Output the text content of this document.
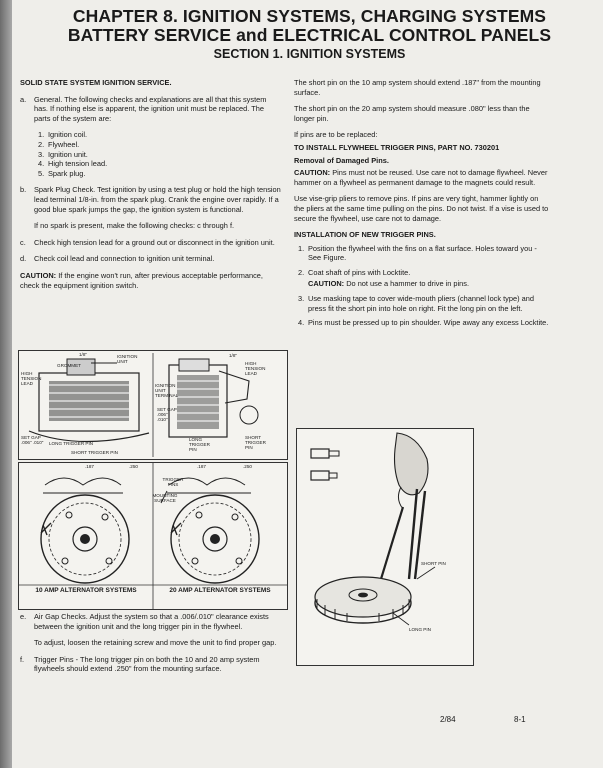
CHAPTER 8. IGNITION SYSTEMS, CHARGING SYSTEMS
BATTERY SERVICE and ELECTRICAL CONTROL PANELS
SECTION 1. IGNITION SYSTEMS

SOLID STATE SYSTEM IGNITION SERVICE.

a. General. The following checks and explanations are all that this system has. If nothing else is apparent, the ignition unit must be replaced. The parts of the system are:

1. Ignition coil.

2. Flywheel.

3. Ignition unit.

4. High tension lead.

5. Spark plug.

b. Spark Plug Check. Test ignition by using a test plug or hold the high tension lead terminal 1/8-in. from the spark plug. Crank the engine over rapidly. If a good blue spark jumps the gap, the ignition system is functional.

If no spark is present, make the following checks: c through f.

c. Check high tension lead for a ground out or disconnect in the ignition unit.
d. Check coil lead and connection to ignition unit terminal.

CAUTION: If the engine won't run, after previous acceptable performance, check the equipment ignition switch.

1/8"	IGNITION UNIT
GROMMET
HIGH TENSION LEAD
SET GAP .006" .010"	LONG TRIGGER PIN
SHORT TRIGGER PIN
1/8"
HIGH TENSION LEAD
IGNITION UNIT TERMINAL
SET GAP .006" .010"
LONG TRIGGER PIN
SHORT TRIGGER PIN
.187	.250	.187	.250
TRIGGER PINS
MOUNTING SURFACE
10 AMP ALTERNATOR SYSTEMS	20 AMP ALTERNATOR SYSTEMS
e. Air Gap Checks. Adjust the system so that a .006/.010" clearance exists between the ignition unit and the long trigger pin in the flywheel.

To adjust, loosen the retaining screw and move the unit to find proper gap.

f. Trigger Pins - The long trigger pin on both the 10 and 20 amp system flywheels should extend .250" from the mounting surface.

The short pin on the 10 amp system should extend .187" from the mounting surface.

The short pin on the 20 amp system should measure .080" less than the longer pin.

If pins are to be replaced:

TO INSTALL FLYWHEEL TRIGGER PINS, PART NO. 730201

Removal of Damaged Pins.

CAUTION: Pins must not be reused. Use care not to damage flywheel. Never hammer on a flywheel as permanent damage to the magnets could result.

Use vise-grip pliers to remove pins. If pins are very tight, hammer lightly on the pliers at the same time pulling on the pins. Do not twist. If a vise is used to secure the flywheel, use care not to damage.

INSTALLATION OF NEW TRIGGER PINS.

1. Position the flywheel with the fins on a flat surface. Holes toward you - See Figure.

2. Coat shaft of pins with Locktite.

CAUTION: Do not use a hammer to drive in pins.

3. Use masking tape to cover wide-mouth pliers (channel lock type) and press fit the short pin into hole on right. Fit the long pin on the left.

4. Pins must be pressed up to pin shoulder. Wipe away any excess Locktite.

SHORT PIN
LONG PIN
2/84	8-1
